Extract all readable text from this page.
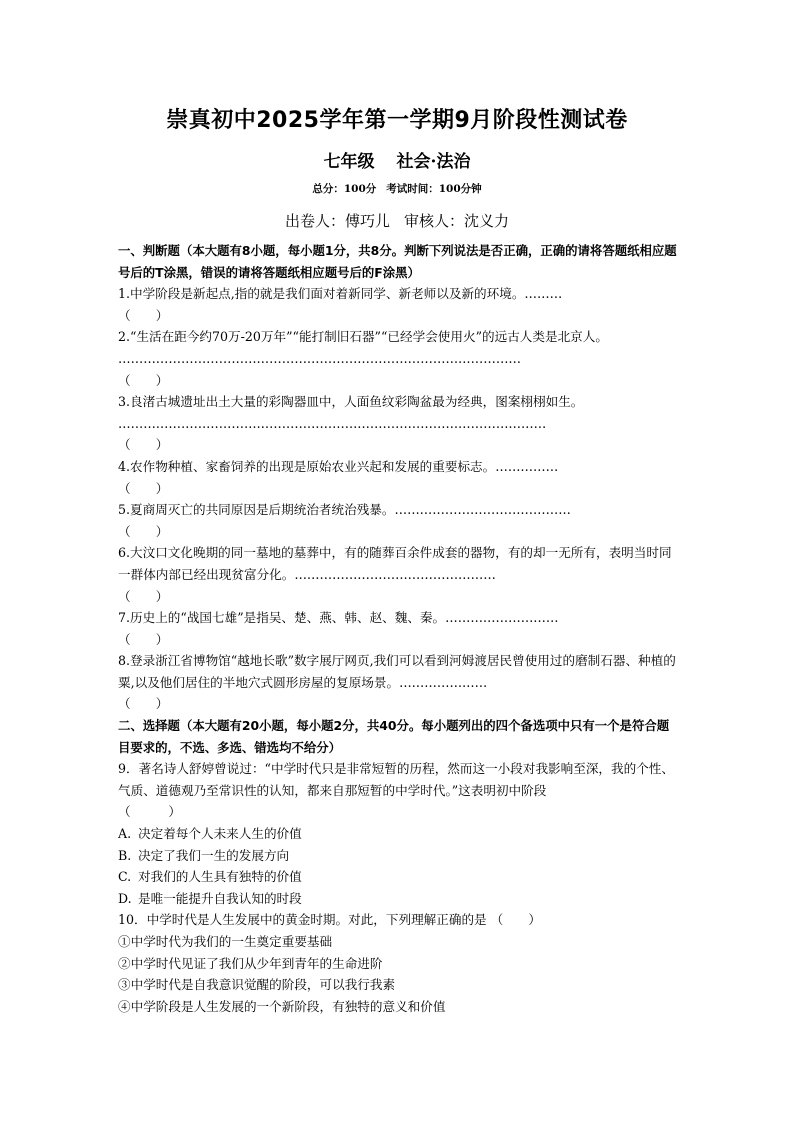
崇真初中2025学年第一学期9月阶段性测试卷
七年级 社会·法治
总分：100分 考试时间：100分钟
出卷人：傅巧儿 审核人：沈义力
一、判断题（本大题有8小题，每小题1分，共8分。判断下列说法是否正确，正确的请将答题纸相应题号后的T涂黑，错误的请将答题纸相应题号后的F涂黑）

1.中学阶段是新起点,指的就是我们面对着新同学、新老师以及新的环境。………

（　　）

2.“生活在距今约70万-20万年”“能打制旧石器”“已经学会使用火”的远古人类是北京人。 ……………………………………………………………………………………

（　　）

3.良渚古城遗址出土大量的彩陶器皿中，人面鱼纹彩陶盆最为经典，图案栩栩如生。 …………………………………………………………………………………………

（　　）

4.农作物种植、家畜饲养的出现是原始农业兴起和发展的重要标志。……………

（　　）

5.夏商周灭亡的共同原因是后期统治者统治残暴。……………………………………

（　　）

6.大汶口文化晚期的同一墓地的墓葬中，有的随葬百余件成套的器物，有的却一无所有，表明当时同一群体内部已经出现贫富分化。…………………………………………

（　　）

7.历史上的“战国七雄”是指吴、楚、燕、韩、赵、魏、秦。………………………

（　　）

8.登录浙江省博物馆“越地长歌”数字展厅网页,我们可以看到河姆渡居民曾使用过的磨制石器、种植的粟,以及他们居住的半地穴式圆形房屋的复原场景。…………………

（　　）

二、选择题（本大题有20小题，每小题2分，共40分。每小题列出的四个备选项中只有一个是符合题目要求的，不选、多选、错选均不给分）

9．著名诗人舒婷曾说过：“中学时代只是非常短暂的历程，然而这一小段对我影响至深，我的个性、气质、道德观乃至常识性的认知，都来自那短暂的中学时代。”这表明初中阶段

（　　　）

A. 决定着每个人未来人生的价值

B. 决定了我们一生的发展方向

C. 对我们的人生具有独特的价值

D. 是唯一能提升自我认知的时段

10．中学时代是人生发展中的黄金时期。对此，下列理解正确的是 （　　）

①中学时代为我们的一生奠定重要基础

②中学时代见证了我们从少年到青年的生命进阶

③中学时代是自我意识觉醒的阶段，可以我行我素

④中学阶段是人生发展的一个新阶段，有独特的意义和价值
